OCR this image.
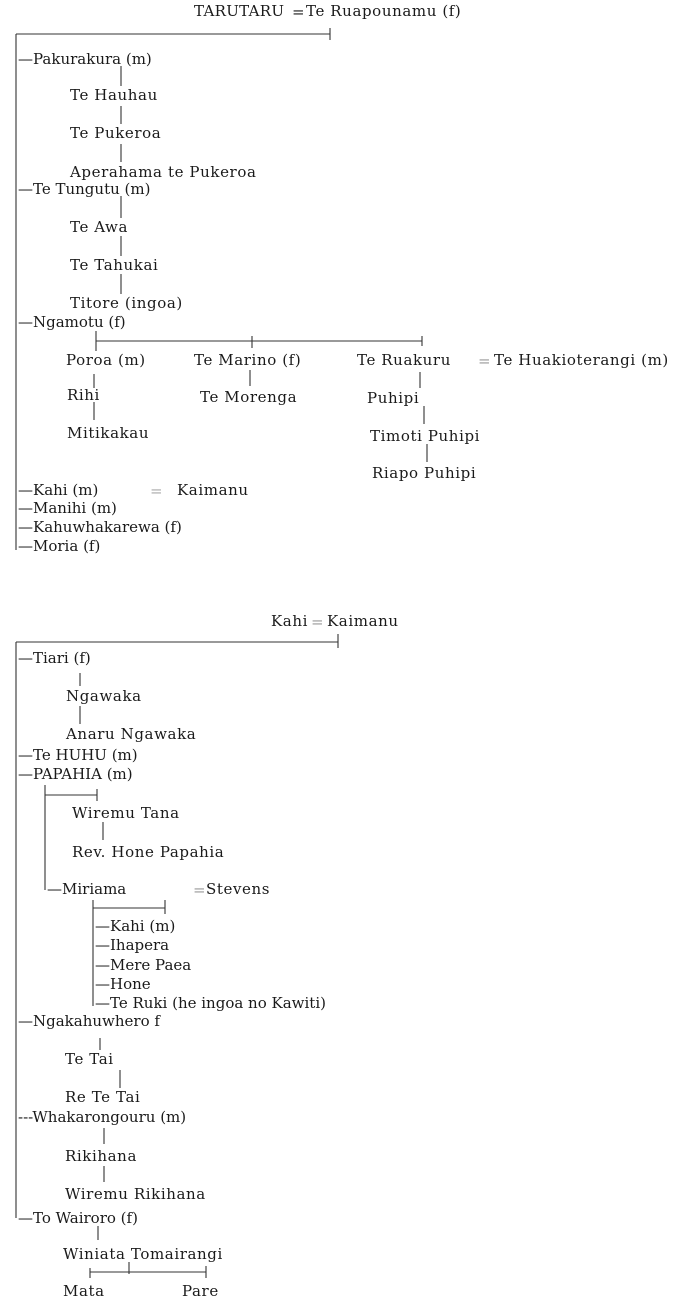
TARUTARU = Te Ruapounamu (f)
—Pakurakura (m)
Te Hauhau
Te Pukeroa
Aperahama te Pukeroa
—Te Tungutu (m)
Te Awa
Te Tahukai
Titore (ingoa)
—Ngamotu (f)
Poroa (m)	Te Marino (f)	Te Ruakuru = Te Huakioterangi (m)
Rihi	Te Morenga	Puhipi
Mitikakau	Timoti Puhipi
Riapo Puhipi
—Kahi (m)	= Kaimanu
—Manihi (m)
—Kahuwhakarewa (f)
—Moria (f)
Kahi = Kaimanu
—Tiari (f)
Ngawaka
Anaru Ngawaka
—Te HUHU (m)
—PAPAHIA (m)
Wiremu Tana
Rev. Hone Papahia
—Miriama	= Stevens
—Kahi (m)
—Ihapera
—Mere Paea
—Hone
—Te Ruki (he ingoa no Kawiti)
—Ngakahuwhero f
Te Tai
Re Te Tai
---Whakarongouru (m)
Rikihana
Wiremu Rikihana
—To Wairoro (f)
Winiata Tomairangi
Mata	Pare
